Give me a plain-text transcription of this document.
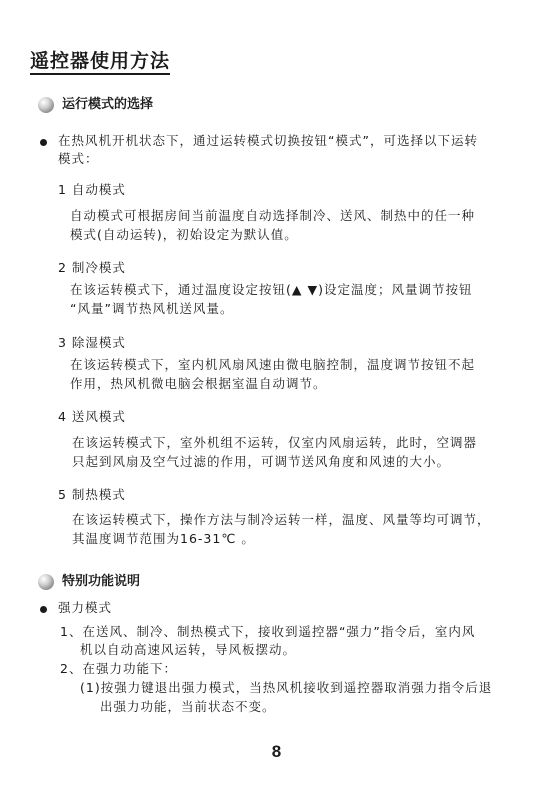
遥控器使用方法
运行模式的选择
在热风机开机状态下，通过运转模式切换按钮“模式”，可选择以下运转
模式：
1 自动模式
自动模式可根据房间当前温度自动选择制冷、送风、制热中的任一种
模式(自动运转)，初始设定为默认值。
2 制冷模式
在该运转模式下，通过温度设定按钮(▲ ▼)设定温度；风量调节按钮
“风量”调节热风机送风量。
3 除湿模式
在该运转模式下，室内机风扇风速由微电脑控制，温度调节按钮不起
作用，热风机微电脑会根据室温自动调节。
4 送风模式
在该运转模式下，室外机组不运转，仅室内风扇运转，此时，空调器
只起到风扇及空气过滤的作用，可调节送风角度和风速的大小。
5 制热模式
在该运转模式下，操作方法与制冷运转一样，温度、风量等均可调节，
其温度调节范围为16-31℃ 。
特别功能说明
强力模式
1、在送风、制冷、制热模式下，接收到遥控器“强力”指令后，室内风
机以自动高速风运转，导风板摆动。
2、在强力功能下：
(1)按强力键退出强力模式，当热风机接收到遥控器取消强力指令后退
出强力功能，当前状态不变。
8
